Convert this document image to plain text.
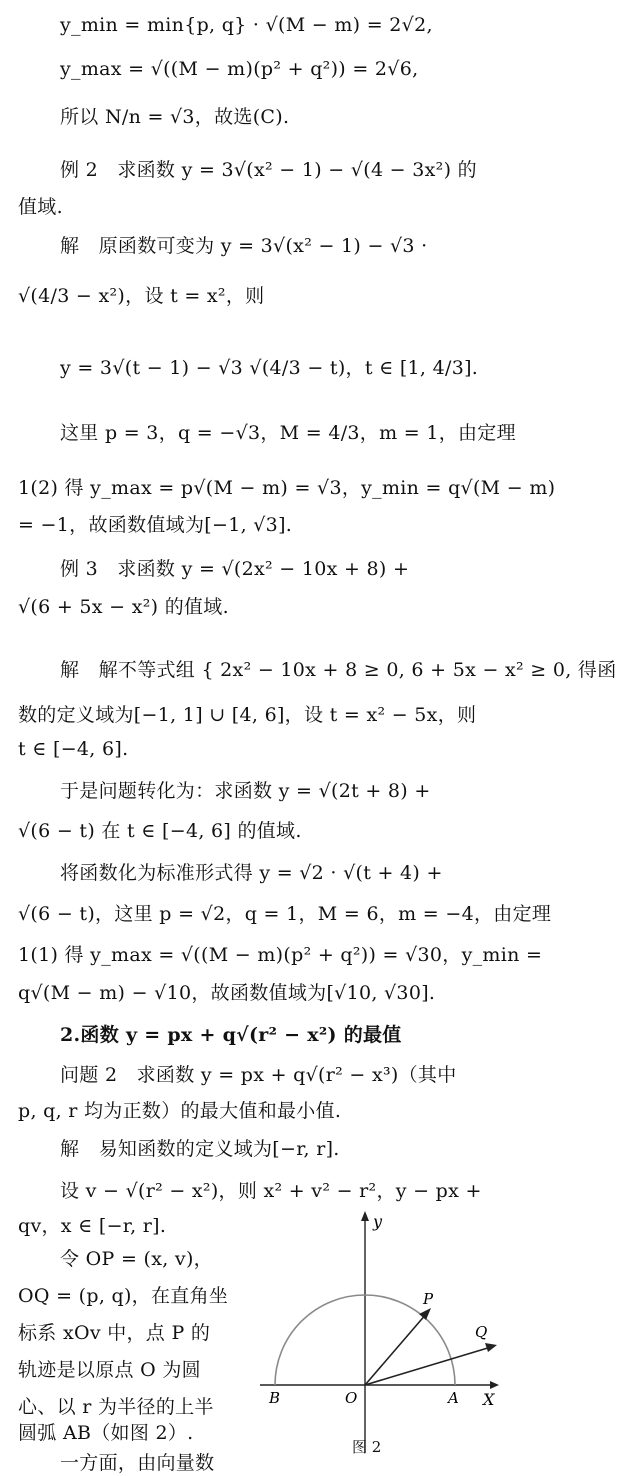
y_min = min{p, q} · √(M − m) = 2√2,
y_max = √((M − m)(p² + q²)) = 2√6,
所以 N/n = √3，故选(C).
例 2　求函数 y = 3√(x² − 1) − √(4 − 3x²) 的
值域.
解　原函数可变为 y = 3√(x² − 1) − √3 ·
√(4/3 − x²)，设 t = x²，则
y = 3√(t − 1) − √3 √(4/3 − t)，t ∈ [1, 4/3].
这里 p = 3，q = −√3，M = 4/3，m = 1，由定理
1(2) 得 y_max = p√(M − m) = √3，y_min = q√(M − m)
= −1，故函数值域为[−1, √3].
例 3　求函数 y = √(2x² − 10x + 8) +
√(6 + 5x − x²) 的值域.
解　解不等式组 { 2x² − 10x + 8 ≥ 0, 6 + 5x − x² ≥ 0, 得函
数的定义域为[−1, 1] ∪ [4, 6]，设 t = x² − 5x，则
t ∈ [−4, 6].
于是问题转化为：求函数 y = √(2t + 8) +
√(6 − t) 在 t ∈ [−4, 6] 的值域.
将函数化为标准形式得 y = √2 · √(t + 4) +
√(6 − t)，这里 p = √2，q = 1，M = 6，m = −4，由定理
1(1) 得 y_max = √((M − m)(p² + q²)) = √30，y_min =
q√(M − m) − √10，故函数值域为[√10, √30].
2.函数 y = px + q√(r² − x²) 的最值
问题 2　求函数 y = px + q√(r² − x³)（其中
p, q, r 均为正数）的最大值和最小值.
解　易知函数的定义域为[−r, r].
设 v − √(r² − x²)，则 x² + v² − r²，y − px +
qv，x ∈ [−r, r].
令 OP = (x, v)，
OQ = (p, q)，在直角坐
标系 xOv 中，点 P 的
轨迹是以原点 O 为圆
心、以 r 为半径的上半
圆弧 AB（如图 2）.
一方面，由向量数
y
X
P
Q
O	A
B
图 2
